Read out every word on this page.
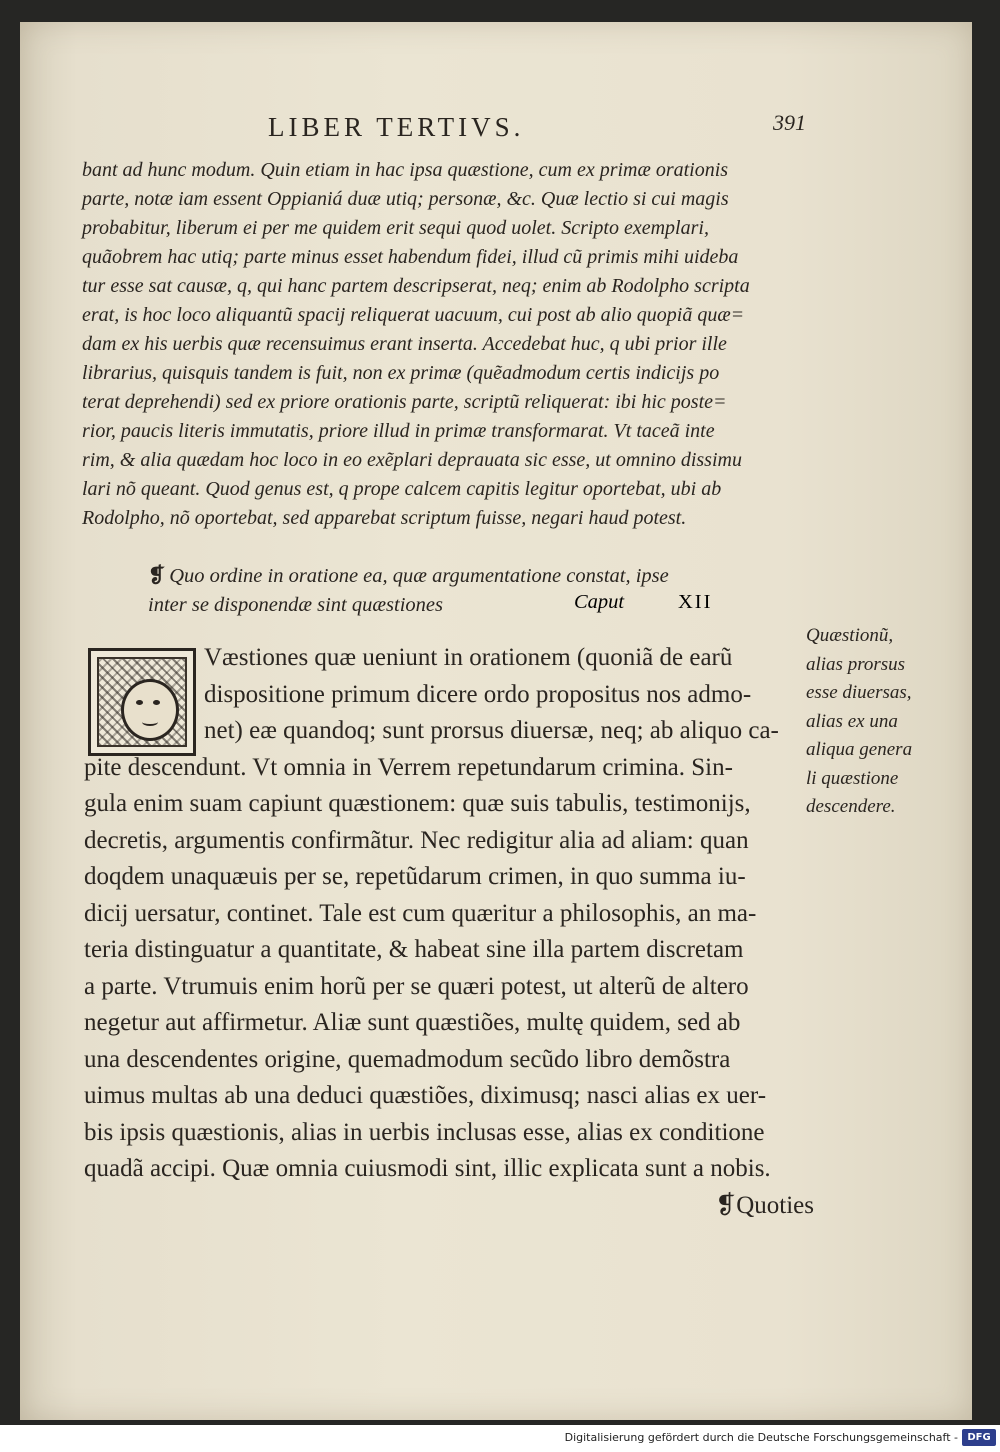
LIBER TERTIVS.	391
bant ad hunc modum. Quin etiam in hac ipsa quæstione, cum ex primæ orationis
parte, notæ iam essent Oppianiá duæ utiq; personæ, &c. Quæ lectio si cui magis
probabitur, liberum ei per me quidem erit sequi quod uolet. Scripto exemplari,
quãobrem hac utiq; parte minus esset habendum fidei, illud cũ primis mihi uideba
tur esse sat causæ, q, qui hanc partem descripserat, neq; enim ab Rodolpho scripta
erat, is hoc loco aliquantũ spacij reliquerat uacuum, cui post ab alio quopiã quæ=
dam ex his uerbis quæ recensuimus erant inserta. Accedebat huc, q ubi prior ille
librarius, quisquis tandem is fuit, non ex primæ (quẽadmodum certis indicijs po
terat deprehendi) sed ex priore orationis parte, scriptũ reliquerat: ibi hic poste=
rior, paucis literis immutatis, priore illud in primæ transformarat. Vt taceã inte
rim, & alia quædam hoc loco in eo exẽplari deprauata sic esse, ut omnino dissimu
lari nõ queant. Quod genus est, q prope calcem capitis legitur oportebat, ubi ab
Rodolpho, nõ oportebat, sed apparebat scriptum fuisse, negari haud potest.
❡ Quo ordine in oratione ea, quæ argumentatione constat, ipse
inter se disponendæ sint quæstiones	Caput	XII
Væstiones quæ ueniunt in orationem (quoniã de earũ
dispositione primum dicere ordo propositus nos admo-
net) eæ quandoq; sunt prorsus diuersæ, neq; ab aliquo ca-
pite descendunt. Vt omnia in Verrem repetundarum crimina. Sin-
gula enim suam capiunt quæstionem: quæ suis tabulis, testimonijs,
decretis, argumentis confirmãtur. Nec redigitur alia ad aliam: quan
doqdem unaquæuis per se, repetũdarum crimen, in quo summa iu-
dicij uersatur, continet. Tale est cum quæritur a philosophis, an ma-
teria distinguatur a quantitate, & habeat sine illa partem discretam
a parte. Vtrumuis enim horũ per se quæri potest, ut alterũ de altero
negetur aut affirmetur. Aliæ sunt quæstiões, multę quidem, sed ab
una descendentes origine, quemadmodum secũdo libro demõstra
uimus multas ab una deduci quæstiões, diximusq; nasci alias ex uer-
bis ipsis quæstionis, alias in uerbis inclusas esse, alias ex conditione
quadã accipi. Quæ omnia cuiusmodi sint, illic explicata sunt a nobis.
❡Quoties
Quæstionũ,
alias prorsus
esse diuersas,
alias ex una
aliqua genera
li quæstione
descendere.
Digitalisierung gefördert durch die Deutsche Forschungsgemeinschaft - DFG
